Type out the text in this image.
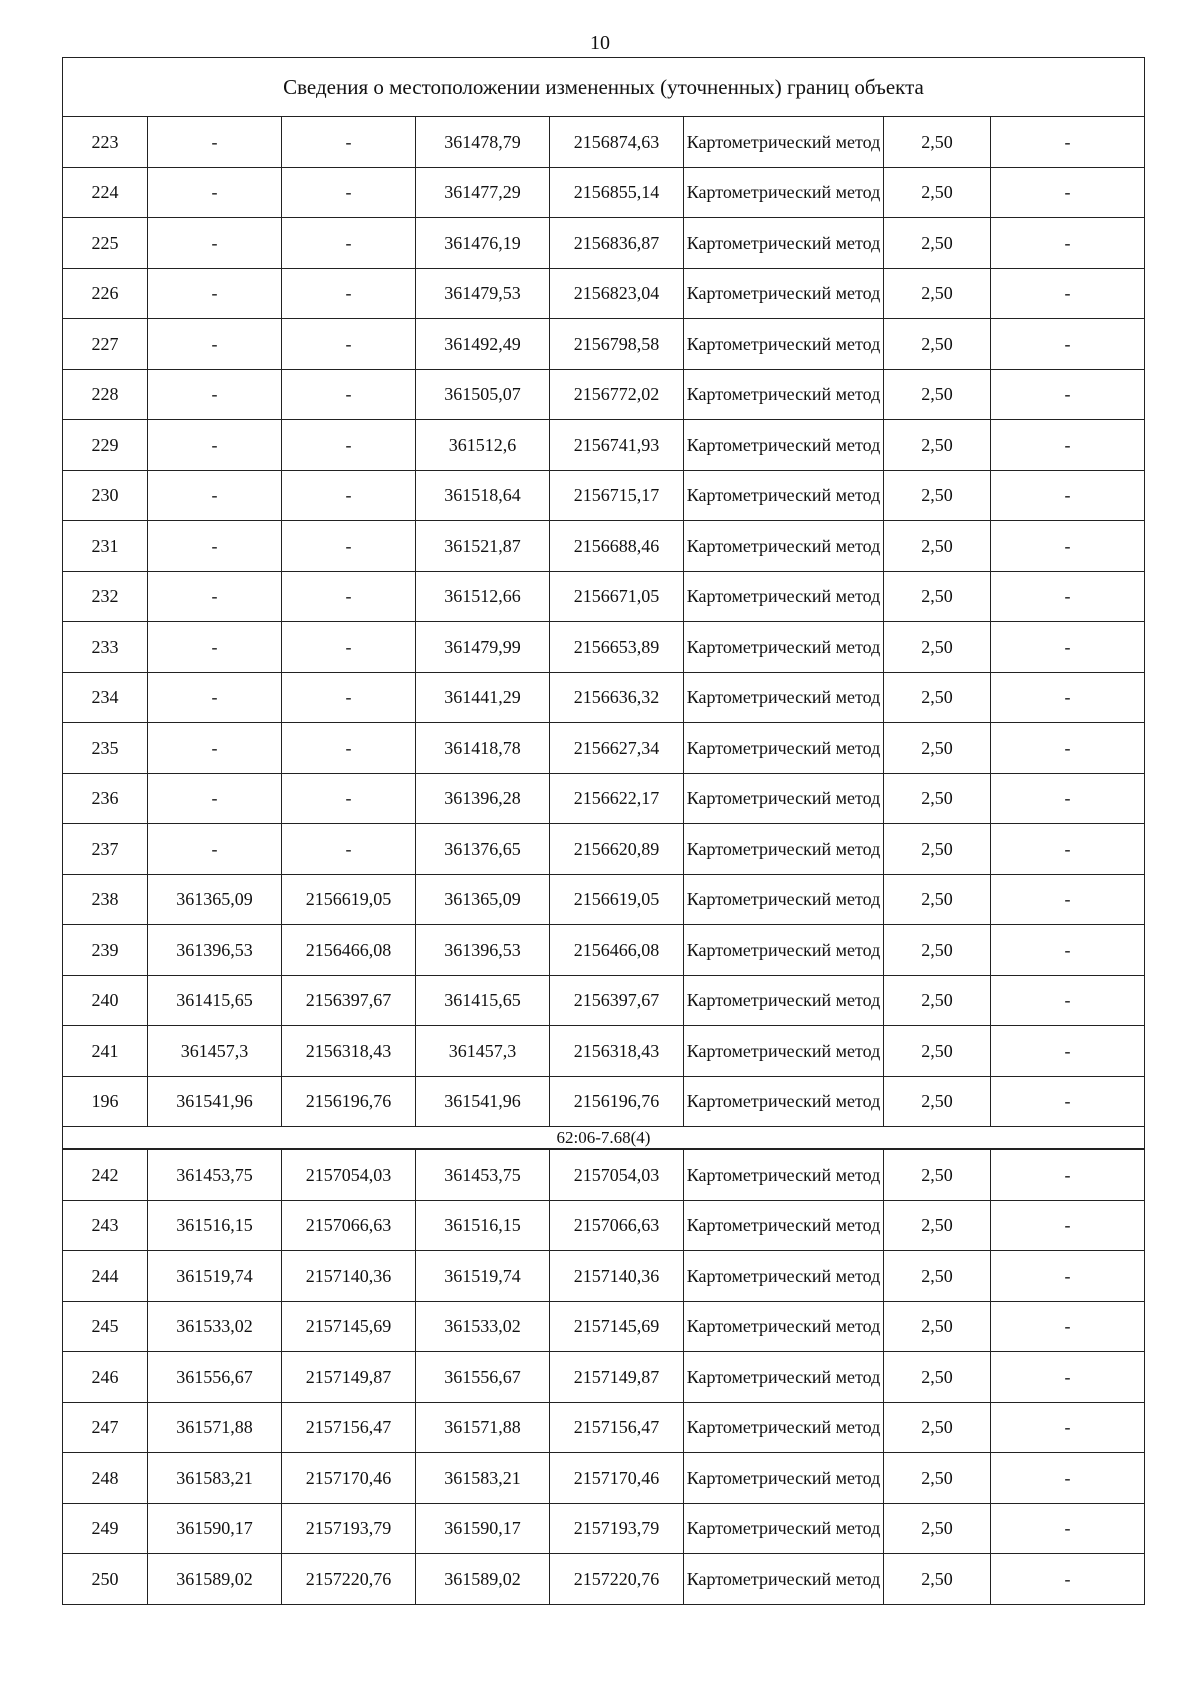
10
Сведения о местоположении измененных (уточненных) границ объекта							
223	-	-	361478,79	2156874,63	Картометрический метод	2,50	-
224	-	-	361477,29	2156855,14	Картометрический метод	2,50	-
225	-	-	361476,19	2156836,87	Картометрический метод	2,50	-
226	-	-	361479,53	2156823,04	Картометрический метод	2,50	-
227	-	-	361492,49	2156798,58	Картометрический метод	2,50	-
228	-	-	361505,07	2156772,02	Картометрический метод	2,50	-
229	-	-	361512,6	2156741,93	Картометрический метод	2,50	-
230	-	-	361518,64	2156715,17	Картометрический метод	2,50	-
231	-	-	361521,87	2156688,46	Картометрический метод	2,50	-
232	-	-	361512,66	2156671,05	Картометрический метод	2,50	-
233	-	-	361479,99	2156653,89	Картометрический метод	2,50	-
234	-	-	361441,29	2156636,32	Картометрический метод	2,50	-
235	-	-	361418,78	2156627,34	Картометрический метод	2,50	-
236	-	-	361396,28	2156622,17	Картометрический метод	2,50	-
237	-	-	361376,65	2156620,89	Картометрический метод	2,50	-
238	361365,09	2156619,05	361365,09	2156619,05	Картометрический метод	2,50	-
239	361396,53	2156466,08	361396,53	2156466,08	Картометрический метод	2,50	-
240	361415,65	2156397,67	361415,65	2156397,67	Картометрический метод	2,50	-
241	361457,3	2156318,43	361457,3	2156318,43	Картометрический метод	2,50	-
196	361541,96	2156196,76	361541,96	2156196,76	Картометрический метод	2,50	-
62:06-7.68(4)							
242	361453,75	2157054,03	361453,75	2157054,03	Картометрический метод	2,50	-
243	361516,15	2157066,63	361516,15	2157066,63	Картометрический метод	2,50	-
244	361519,74	2157140,36	361519,74	2157140,36	Картометрический метод	2,50	-
245	361533,02	2157145,69	361533,02	2157145,69	Картометрический метод	2,50	-
246	361556,67	2157149,87	361556,67	2157149,87	Картометрический метод	2,50	-
247	361571,88	2157156,47	361571,88	2157156,47	Картометрический метод	2,50	-
248	361583,21	2157170,46	361583,21	2157170,46	Картометрический метод	2,50	-
249	361590,17	2157193,79	361590,17	2157193,79	Картометрический метод	2,50	-
250	361589,02	2157220,76	361589,02	2157220,76	Картометрический метод	2,50	-
